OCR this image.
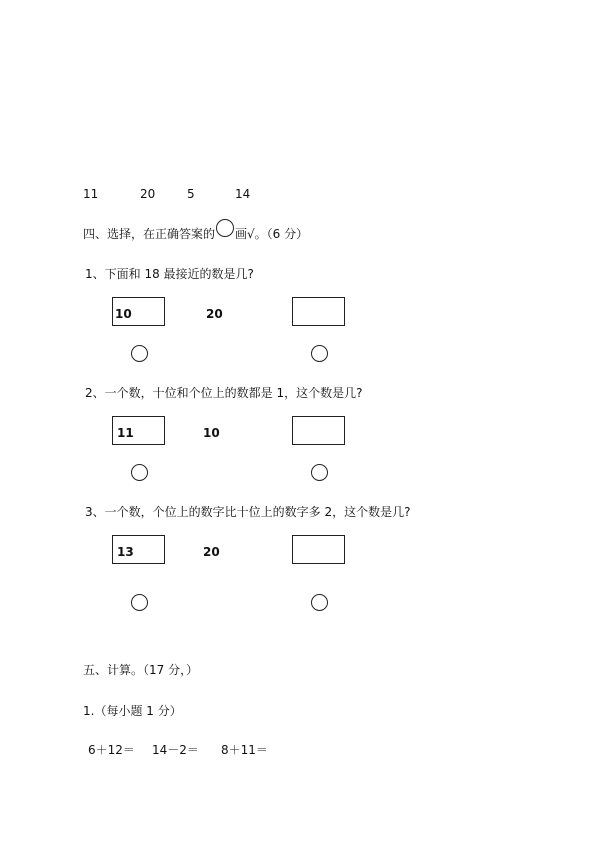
11	20	5	14
四、选择，在正确答案的 画√。（6 分）
1、下面和 18 最接近的数是几?
10	20
2、一个数，十位和个位上的数都是 1，这个数是几?
11	10
3、一个数，个位上的数字比十位上的数字多 2，这个数是几?
13	20
五、计算。（17 分，）
1.（每小题 1 分）
6＋12＝ 14－2＝ 8＋11＝
